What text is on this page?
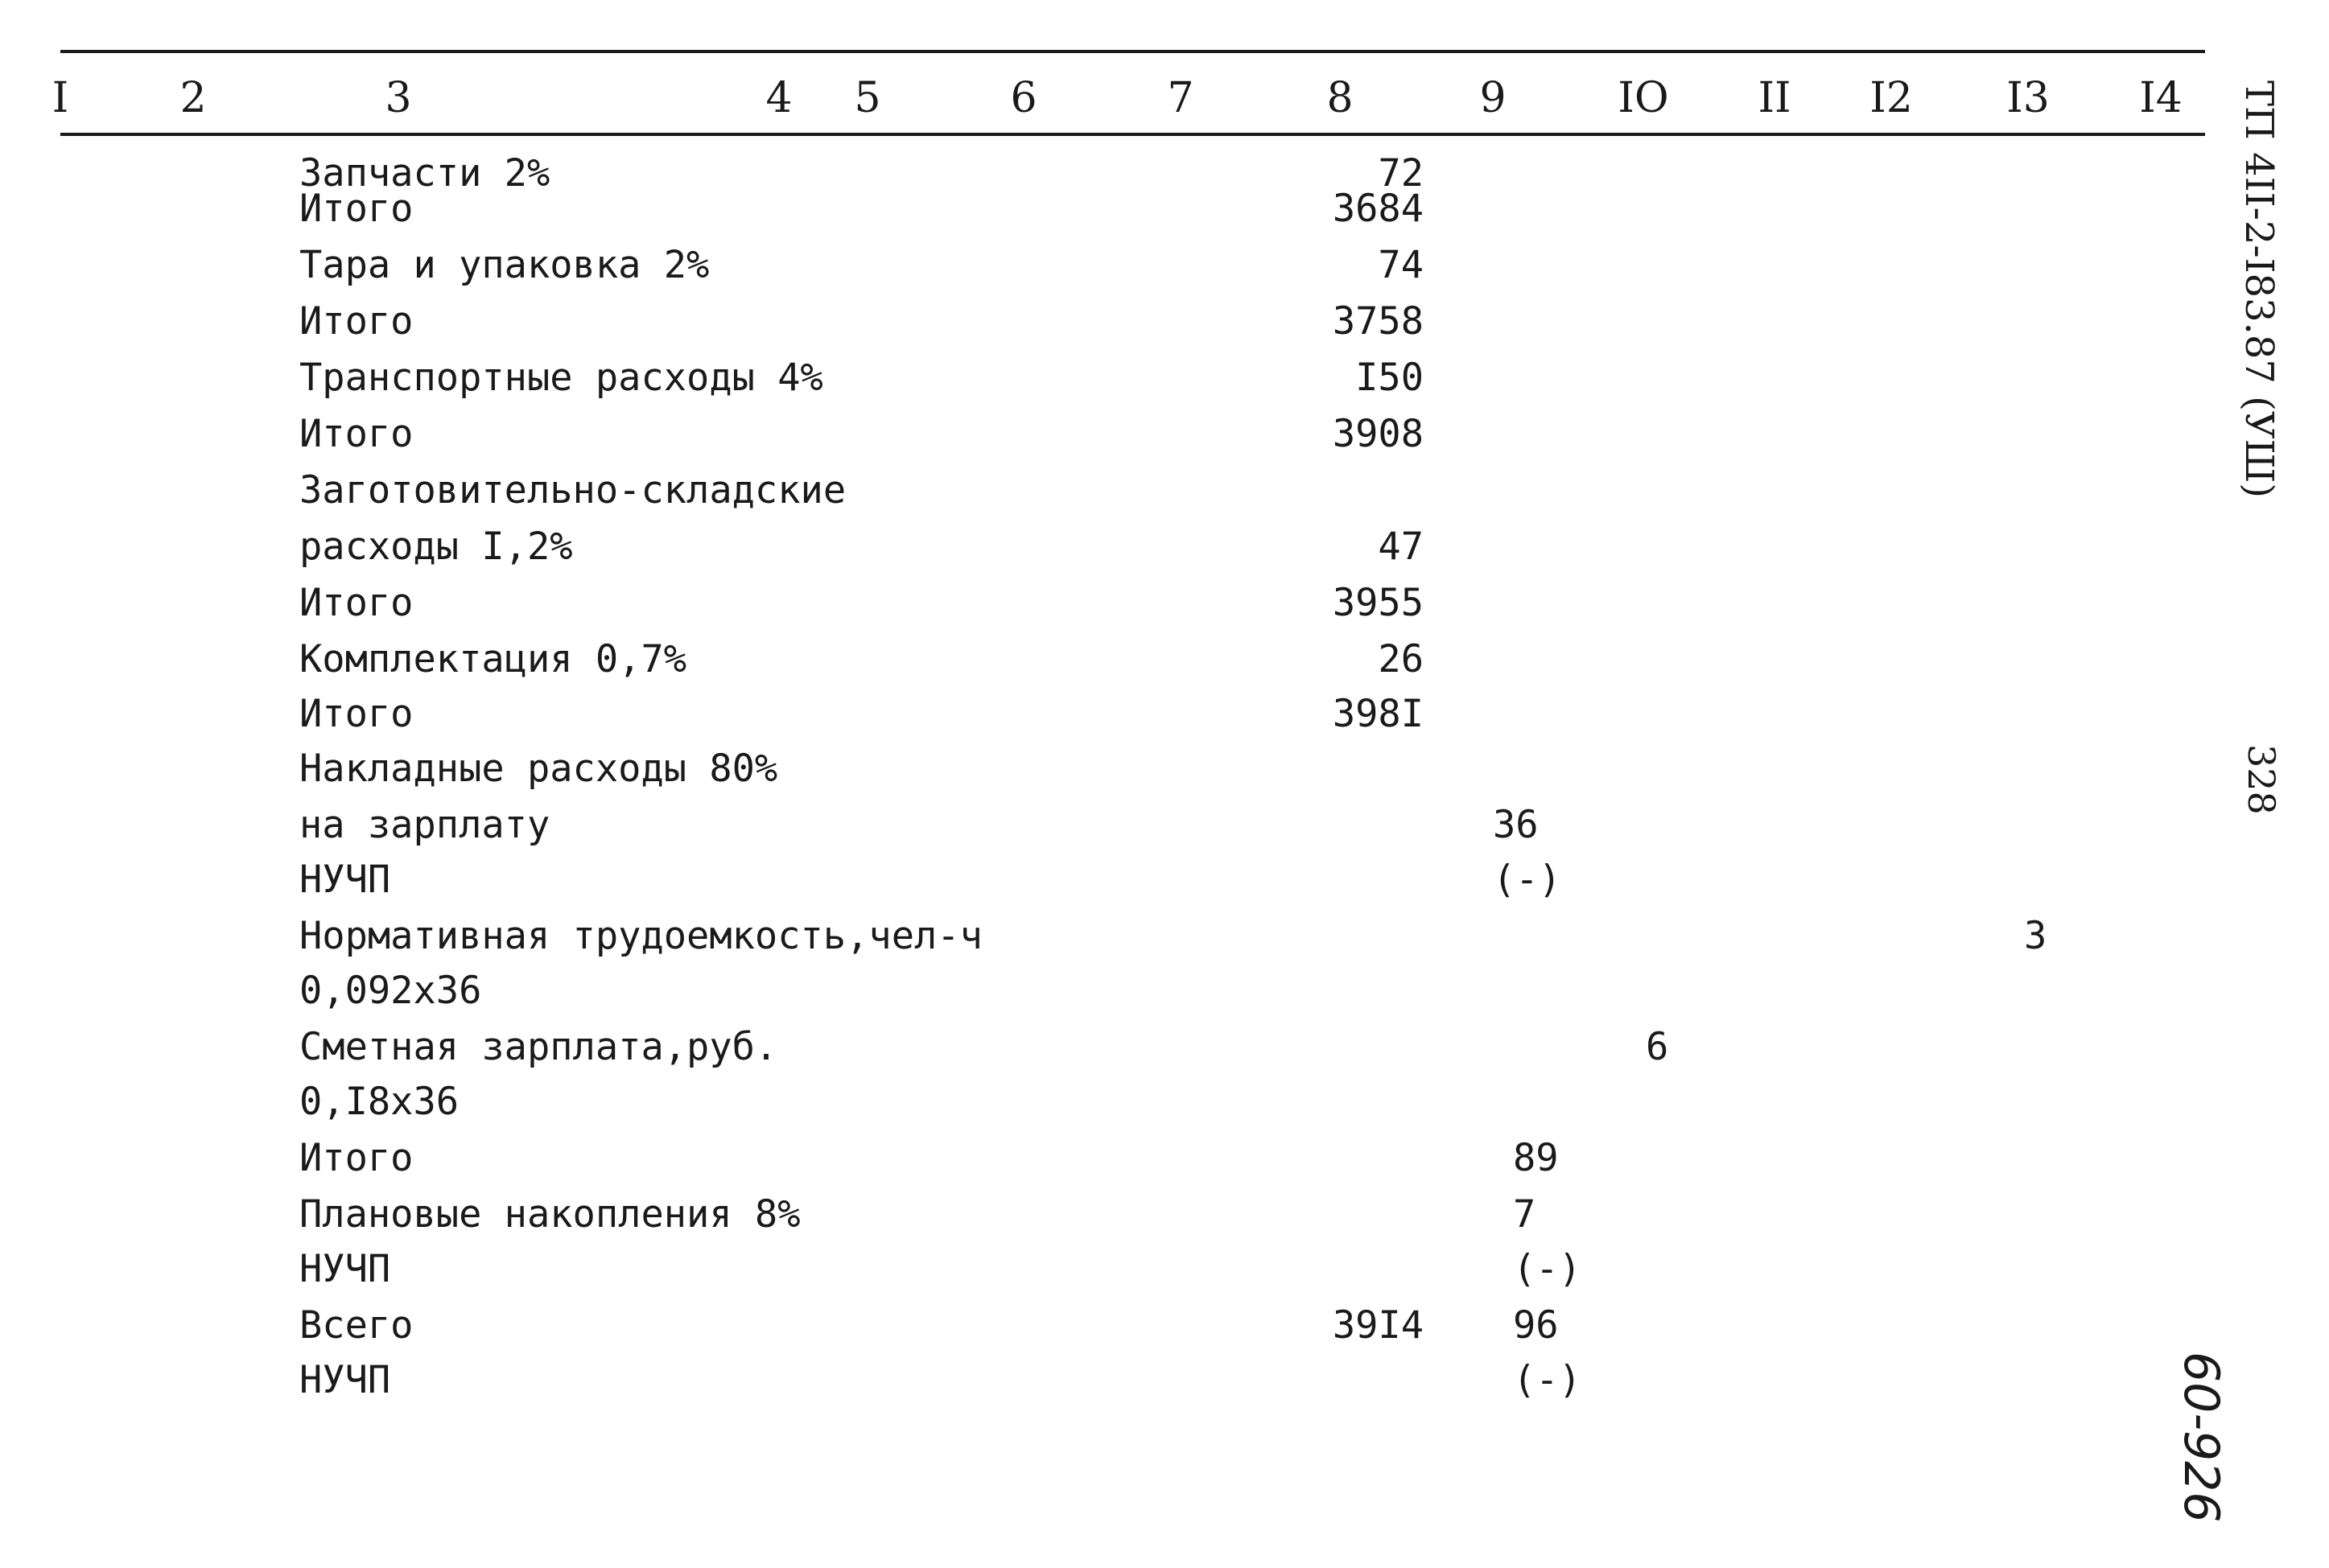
I	2	3	4 5	6	7	8	9	IO II I2 I3 I4
Запчасти 2%	72
Итого	3684
Тара и упаковка 2%	74
Итого	3758
Транспортные расходы 4%	I50
Итого	3908
Заготовительно-складские
расходы I,2%	47
Итого	3955
Комплектация 0,7%	26
Итого	398I
Накладные расходы 80%
на зарплату	36
НУЧП	(-)
Нормативная трудоемкость,чел-ч	3
0,092х36
Сметная зарплата,руб.	6
0,I8х36
Итого	89
Плановые накопления 8%	7
НУЧП	(-)
Всего	39I4 96
НУЧП	(-)
ТП 4II-2-I83.87 (УШ)
328
60-926
